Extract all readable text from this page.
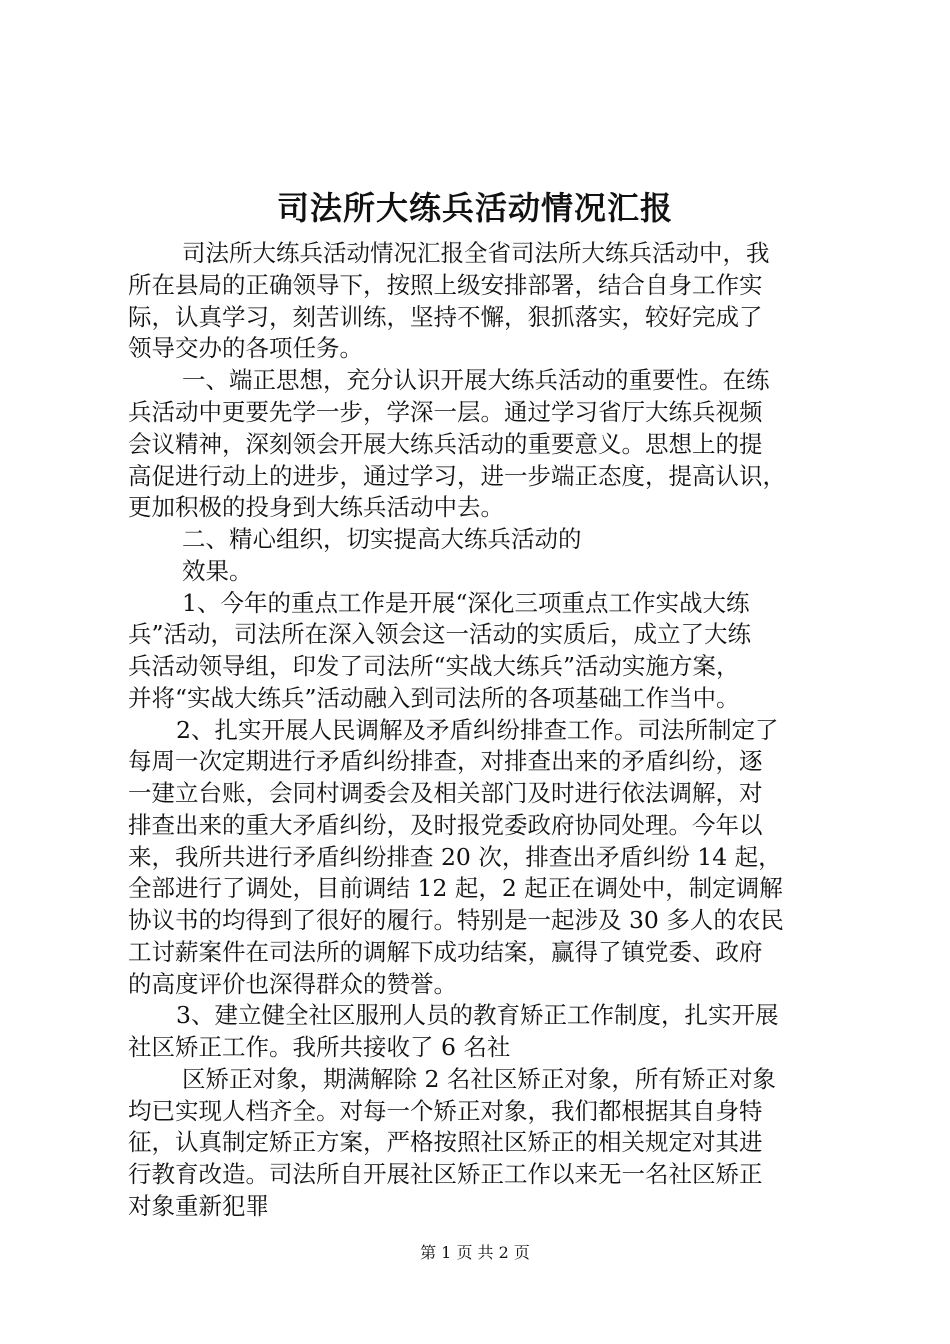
司法所大练兵活动情况汇报
司法所大练兵活动情况汇报全省司法所大练兵活动中，我
所在县局的正确领导下，按照上级安排部署，结合自身工作实
际，认真学习，刻苦训练，坚持不懈，狠抓落实，较好完成了
领导交办的各项任务。
一、端正思想，充分认识开展大练兵活动的重要性。在练
兵活动中更要先学一步，学深一层。通过学习省厅大练兵视频
会议精神，深刻领会开展大练兵活动的重要意义。思想上的提
高促进行动上的进步，通过学习，进一步端正态度，提高认识，
更加积极的投身到大练兵活动中去。
二、精心组织，切实提高大练兵活动的
效果。
1、今年的重点工作是开展“深化三项重点工作实战大练
兵”活动，司法所在深入领会这一活动的实质后，成立了大练
兵活动领导组，印发了司法所“实战大练兵”活动实施方案，
并将“实战大练兵”活动融入到司法所的各项基础工作当中。
2、扎实开展人民调解及矛盾纠纷排查工作。司法所制定了
每周一次定期进行矛盾纠纷排查，对排查出来的矛盾纠纷，逐
一建立台账，会同村调委会及相关部门及时进行依法调解，对
排查出来的重大矛盾纠纷，及时报党委政府协同处理。今年以
来，我所共进行矛盾纠纷排查 20 次，排查出矛盾纠纷 14 起，
全部进行了调处，目前调结 12 起，2 起正在调处中，制定调解
协议书的均得到了很好的履行。特别是一起涉及 30 多人的农民
工讨薪案件在司法所的调解下成功结案，赢得了镇党委、政府
的高度评价也深得群众的赞誉。
3、建立健全社区服刑人员的教育矫正工作制度，扎实开展
社区矫正工作。我所共接收了 6 名社
区矫正对象，期满解除 2 名社区矫正对象，所有矫正对象
均已实现人档齐全。对每一个矫正对象，我们都根据其自身特
征，认真制定矫正方案，严格按照社区矫正的相关规定对其进
行教育改造。司法所自开展社区矫正工作以来无一名社区矫正
对象重新犯罪
第 1 页 共 2 页
